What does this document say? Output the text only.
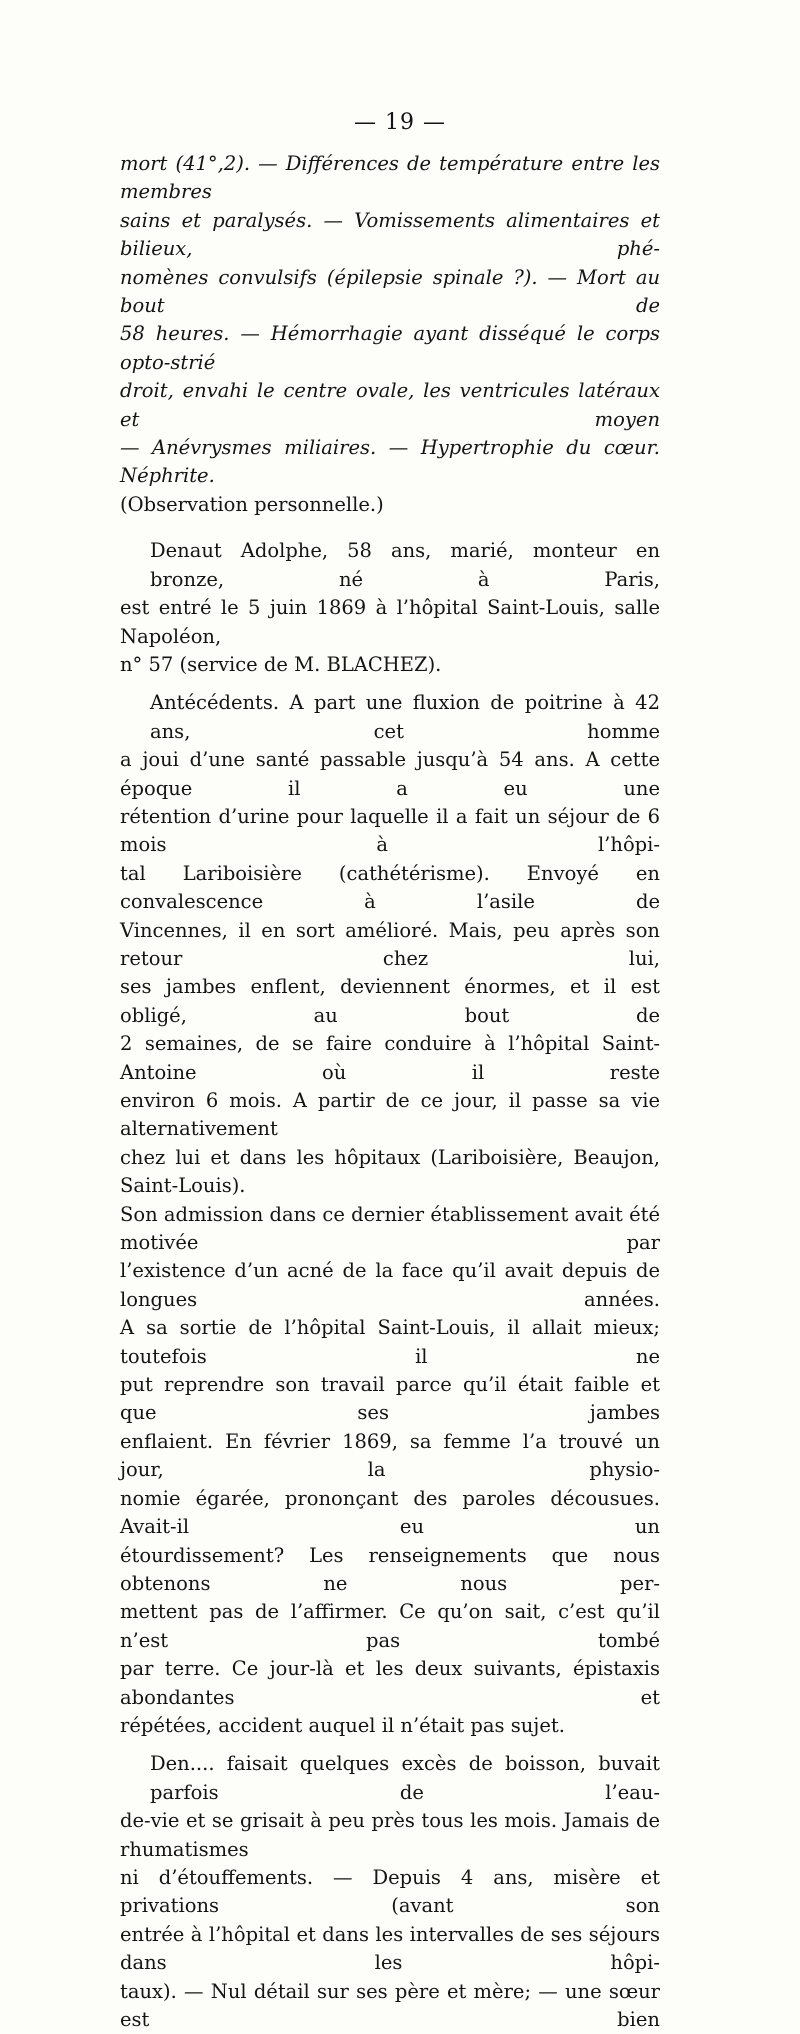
— 19 —
mort (41°,2). — Différences de température entre les membres
sains et paralysés. — Vomissements alimentaires et bilieux, phé-
nomènes convulsifs (épilepsie spinale ?). — Mort au bout de
58 heures. — Hémorrhagie ayant disséqué le corps opto-strié
droit, envahi le centre ovale, les ventricules latéraux et moyen
— Anévrysmes miliaires. — Hypertrophie du cœur. Néphrite.
(Observation personnelle.)
Denaut Adolphe, 58 ans, marié, monteur en bronze, né à Paris,
est entré le 5 juin 1869 à l’hôpital Saint-Louis, salle Napoléon,
n° 57 (service de M. BLACHEZ).
Antécédents. A part une fluxion de poitrine à 42 ans, cet homme
a joui d’une santé passable jusqu’à 54 ans. A cette époque il a eu une
rétention d’urine pour laquelle il a fait un séjour de 6 mois à l’hôpi-
tal Lariboisière (cathétérisme). Envoyé en convalescence à l’asile de
Vincennes, il en sort amélioré. Mais, peu après son retour chez lui,
ses jambes enflent, deviennent énormes, et il est obligé, au bout de
2 semaines, de se faire conduire à l’hôpital Saint-Antoine où il reste
environ 6 mois. A partir de ce jour, il passe sa vie alternativement
chez lui et dans les hôpitaux (Lariboisière, Beaujon, Saint-Louis).
Son admission dans ce dernier établissement avait été motivée par
l’existence d’un acné de la face qu’il avait depuis de longues années.
A sa sortie de l’hôpital Saint-Louis, il allait mieux; toutefois il ne
put reprendre son travail parce qu’il était faible et que ses jambes
enflaient. En février 1869, sa femme l’a trouvé un jour, la physio-
nomie égarée, prononçant des paroles décousues. Avait-il eu un
étourdissement? Les renseignements que nous obtenons ne nous per-
mettent pas de l’affirmer. Ce qu’on sait, c’est qu’il n’est pas tombé
par terre. Ce jour-là et les deux suivants, épistaxis abondantes et
répétées, accident auquel il n’était pas sujet.
Den.... faisait quelques excès de boisson, buvait parfois de l’eau-
de-vie et se grisait à peu près tous les mois. Jamais de rhumatismes
ni d’étouffements. — Depuis 4 ans, misère et privations (avant son
entrée à l’hôpital et dans les intervalles de ses séjours dans les hôpi-
taux). — Nul détail sur ses père et mère; — une sœur est bien
